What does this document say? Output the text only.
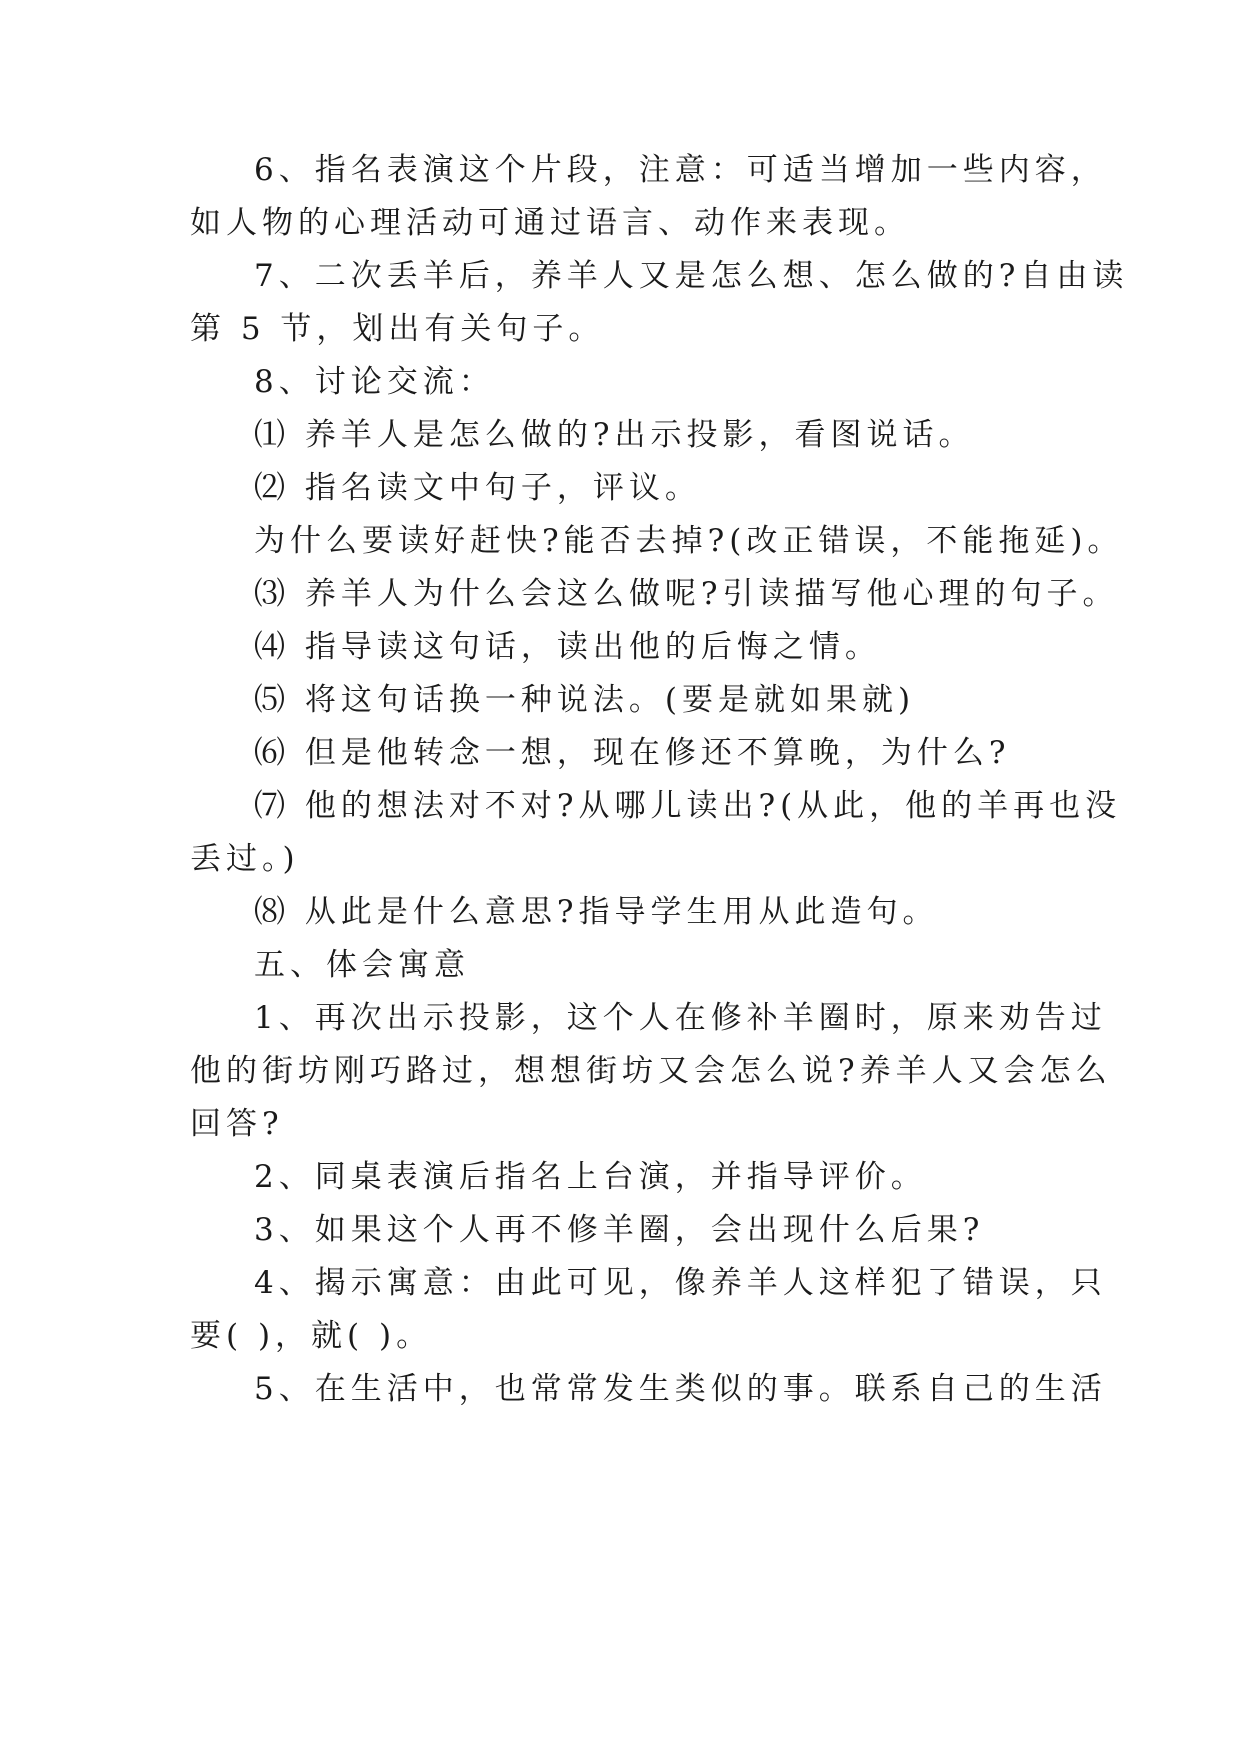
6、指名表演这个片段，注意：可适当增加一些内容，
如人物的心理活动可通过语言、动作来表现。
7、二次丢羊后，养羊人又是怎么想、怎么做的?自由读
第 5 节，划出有关句子。
8、讨论交流：
⑴ 养羊人是怎么做的?出示投影，看图说话。
⑵ 指名读文中句子，评议。
为什么要读好赶快?能否去掉?(改正错误，不能拖延)。
⑶ 养羊人为什么会这么做呢?引读描写他心理的句子。
⑷ 指导读这句话，读出他的后悔之情。
⑸ 将这句话换一种说法。(要是就如果就)
⑹ 但是他转念一想，现在修还不算晚，为什么?
⑺ 他的想法对不对?从哪儿读出?(从此，他的羊再也没
丢过。)
⑻ 从此是什么意思?指导学生用从此造句。
五、体会寓意
1、再次出示投影，这个人在修补羊圈时，原来劝告过
他的街坊刚巧路过，想想街坊又会怎么说?养羊人又会怎么
回答?
2、同桌表演后指名上台演，并指导评价。
3、如果这个人再不修羊圈，会出现什么后果?
4、揭示寓意：由此可见，像养羊人这样犯了错误，只
要( )，就( )。
5、在生活中，也常常发生类似的事。联系自己的生活
